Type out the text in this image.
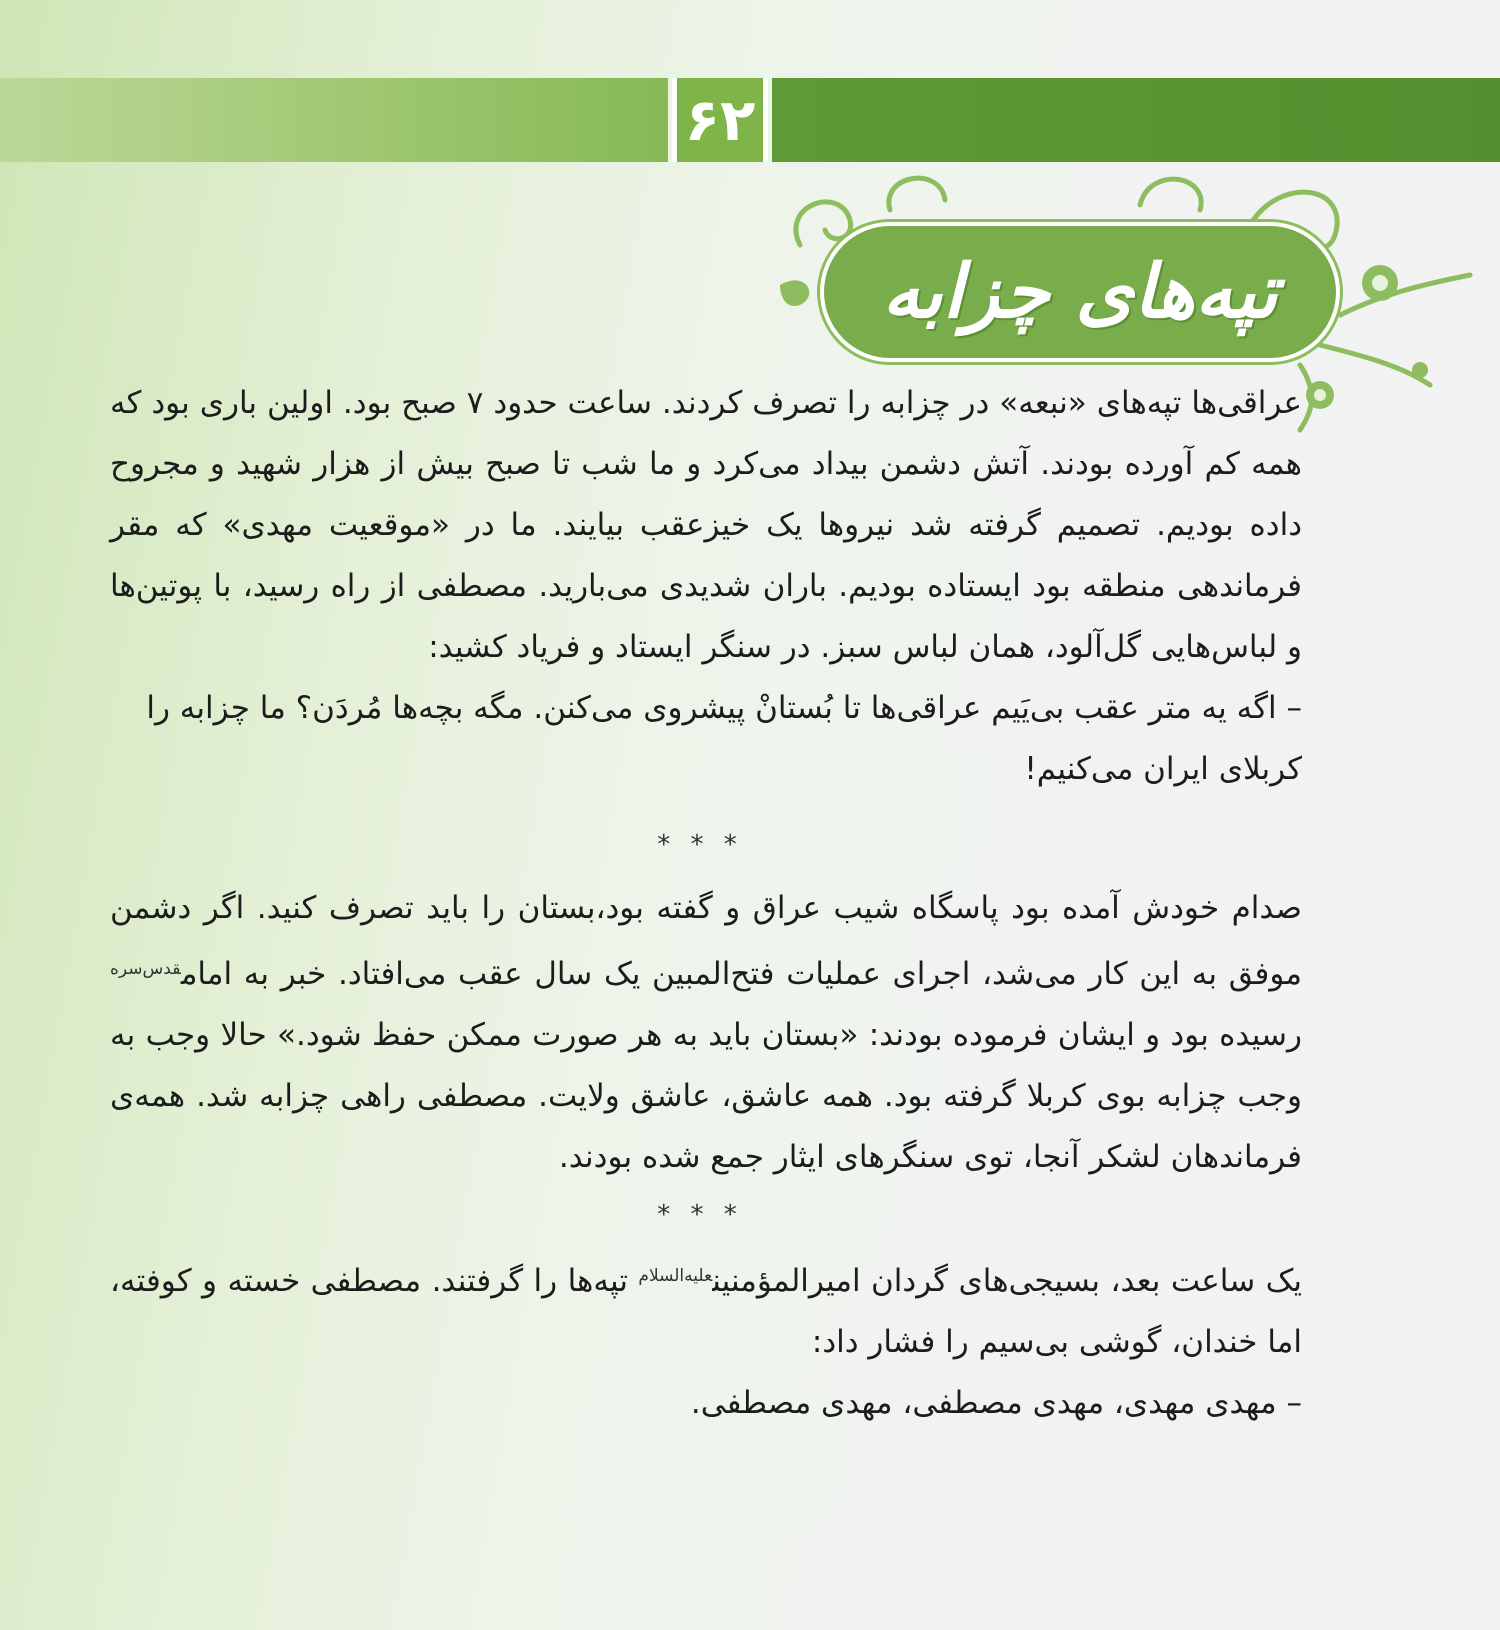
۶۲
تپه‌های چزابه

عراقی‌ها تپه‌های «نبعه» در چزابه را تصرف کردند. ساعت حدود ۷ صبح بود. اولین باری بود که همه کم آورده بودند. آتش دشمن بیداد می‌کرد و ما شب تا صبح بیش از هزار شهید و مجروح داده بودیم. تصمیم گرفته شد نیروها یک خیزعقب بیایند. ما در «موقعیت مهدی» که مقر فرماندهی منطقه بود ایستاده بودیم. باران شدیدی می‌بارید. مصطفی از راه رسید، با پوتین‌ها و لباس‌هایی گل‌آلود، همان لباس سبز. در سنگر ایستاد و فریاد کشید:

– اگه یه متر عقب بی‌یَیم عراقی‌ها تا بُستانْ پیشروی می‌کنن. مگه بچه‌ها مُردَن؟ ما چزابه را کربلای ایران می‌کنیم!

* * *

صدام خودش آمده بود پاسگاه شیب عراق و گفته بود،بستان را باید تصرف کنید. اگر دشمن موفق به این کار می‌شد، اجرای عملیات فتح‌المبین یک سال عقب می‌افتاد. خبر به امام$^{قدس‌سره}$ رسیده بود و ایشان فرموده بودند: «بستان باید به هر صورت ممکن حفظ شود.» حالا وجب به وجب چزابه بوی کربلا گرفته بود. همه عاشق، عاشق ولایت. مصطفی راهی چزابه شد. همه‌ی فرماندهان لشکر آنجا، توی سنگرهای ایثار جمع شده بودند.

* * *

یک ساعت بعد، بسیجی‌های گردان امیرالمؤمنین$^{علیه‌السلام}$ تپه‌ها را گرفتند. مصطفی خسته و کوفته، اما خندان، گوشی بی‌سیم را فشار داد:

– مهدی مهدی، مهدی مصطفی، مهدی مصطفی.
